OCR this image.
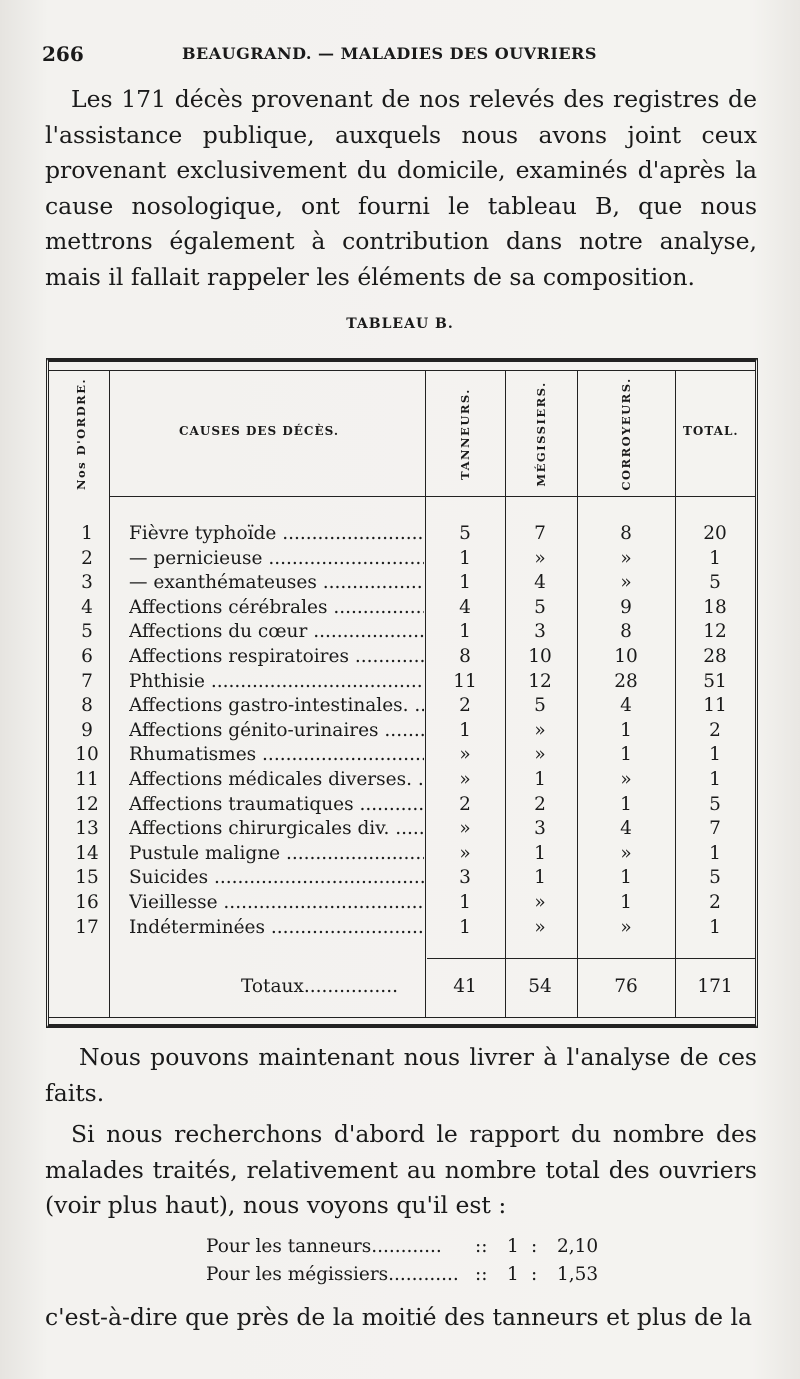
266	BEAUGRAND. — MALADIES DES OUVRIERS

Les 171 décès provenant de nos relevés des registres de l'assistance publique, auxquels nous avons joint ceux provenant exclusivement du domicile, examinés d'après la cause nosologique, ont fourni le tableau B, que nous mettrons également à contribution dans notre analyse, mais il fallait rappeler les éléments de sa composition.

TABLEAU B.
Nos D'ORDRE.	CAUSES DES DÉCÈS.	TANNEURS.	MÉGISSIERS.	CORROYEURS.	TOTAL.
1	Fièvre typhoïde .....	5	7	8	20
2	— pernicieuse .....	1	»	»	1
3	— exanthémateuses .....	1	4	»	5
4	Affections cérébrales .....	4	5	9	18
5	Affections du cœur .....	1	3	8	12
6	Affections respiratoires .....	8	10	10	28
7	Phthisie .....	11	12	28	51
8	Affections gastro-intestinales. .....	2	5	4	11
9	Affections génito-urinaires .....	1	»	1	2
10	Rhumatismes .....	»	»	1	1
11	Affections médicales diverses. .....	»	1	»	1
12	Affections traumatiques .....	2	2	1	5
13	Affections chirurgicales div. .....	»	3	4	7
14	Pustule maligne .....	»	1	»	1
15	Suicides .....	3	1	1	5
16	Vieillesse .....	1	»	1	2
17	Indéterminées .....	1	»	»	1
Totaux .....	41	54	76	171

Nous pouvons maintenant nous livrer à l'analyse de ces faits.

Si nous recherchons d'abord le rapport du nombre des malades traités, relativement au nombre total des ouvriers (voir plus haut), nous voyons qu'il est :

Pour les tanneurs .....	:: 1 : 2,10
Pour les mégissiers .....	:: 1 : 1,53

c'est-à-dire que près de la moitié des tanneurs et plus de la
